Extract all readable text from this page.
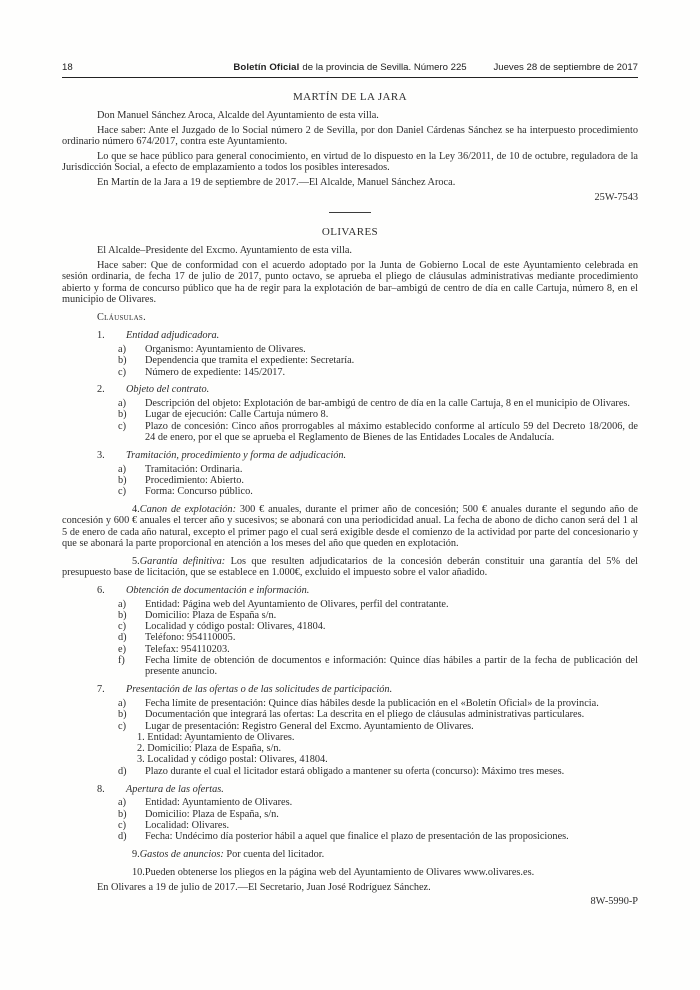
18	Boletín Oficial de la provincia de Sevilla. Número 225	Jueves 28 de septiembre de 2017
MARTÍN DE LA JARA

Don Manuel Sánchez Aroca, Alcalde del Ayuntamiento de esta villa.

Hace saber: Ante el Juzgado de lo Social número 2 de Sevilla, por don Daniel Cárdenas Sánchez se ha interpuesto procedimiento ordinario número 674/2017, contra este Ayuntamiento.

Lo que se hace público para general conocimiento, en virtud de lo dispuesto en la Ley 36/2011, de 10 de octubre, reguladora de la Jurisdicción Social, a efecto de emplazamiento a todos los posibles interesados.

En Martín de la Jara a 19 de septiembre de 2017.—El Alcalde, Manuel Sánchez Aroca.

25W-7543

OLIVARES

El Alcalde–Presidente del Excmo. Ayuntamiento de esta villa.

Hace saber: Que de conformidad con el acuerdo adoptado por la Junta de Gobierno Local de este Ayuntamiento celebrada en sesión ordinaria, de fecha 17 de julio de 2017, punto octavo, se aprueba el pliego de cláusulas administrativas mediante procedimiento abierto y forma de concurso público que ha de regir para la explotación de bar–ambigú de centro de día en calle Cartuja, número 8, en el municipio de Olivares.

Cláusulas.

1. Entidad adjudicadora.

a) Organismo: Ayuntamiento de Olivares.

b) Dependencia que tramita el expediente: Secretaría.

c) Número de expediente: 145/2017.

2. Objeto del contrato.

a) Descripción del objeto: Explotación de bar-ambigú de centro de día en la calle Cartuja, 8 en el municipio de Olivares.

b) Lugar de ejecución: Calle Cartuja número 8.

c) Plazo de concesión: Cinco años prorrogables al máximo establecido conforme al artículo 59 del Decreto 18/2006, de 24 de enero, por el que se aprueba el Reglamento de Bienes de las Entidades Locales de Andalucía.

3. Tramitación, procedimiento y forma de adjudicación.

a) Tramitación: Ordinaria.

b) Procedimiento: Abierto.

c) Forma: Concurso público.

4.Canon de explotación: 300 € anuales, durante el primer año de concesión; 500 € anuales durante el segundo año de concesión y 600 € anuales el tercer año y sucesivos; se abonará con una periodicidad anual. La fecha de abono de dicho canon será del 1 al 5 de enero de cada año natural, excepto el primer pago el cual será exigible desde el comienzo de la actividad por parte del concesionario y que se abonará la parte proporcional en atención a los meses del año que queden en explotación.

5.Garantía definitiva: Los que resulten adjudicatarios de la concesión deberán constituir una garantía del 5% del presupuesto base de licitación, que se establece en 1.000€, excluido el impuesto sobre el valor añadido.

6. Obtención de documentación e información.

a) Entidad: Página web del Ayuntamiento de Olivares, perfil del contratante.

b) Domicilio: Plaza de España s/n.

c) Localidad y código postal: Olivares, 41804.

d) Teléfono: 954110005.

e) Telefax: 954110203.

f) Fecha límite de obtención de documentos e información: Quince días hábiles a partir de la fecha de publicación del presente anuncio.

7. Presentación de las ofertas o de las solicitudes de participación.

a) Fecha límite de presentación: Quince días hábiles desde la publicación en el «Boletín Oficial» de la provincia.

b) Documentación que integrará las ofertas: La descrita en el pliego de cláusulas administrativas particulares.

c) Lugar de presentación: Registro General del Excmo. Ayuntamiento de Olivares.

1. Entidad: Ayuntamiento de Olivares.

2. Domicilio: Plaza de España, s/n.

3. Localidad y código postal: Olivares, 41804.

d) Plazo durante el cual el licitador estará obligado a mantener su oferta (concurso): Máximo tres meses.

8. Apertura de las ofertas.

a) Entidad: Ayuntamiento de Olivares.

b) Domicilio: Plaza de España, s/n.

c) Localidad: Olivares.

d) Fecha: Undécimo día posterior hábil a aquel que finalice el plazo de presentación de las proposiciones.

9.Gastos de anuncios: Por cuenta del licitador.

10.Pueden obtenerse los pliegos en la página web del Ayuntamiento de Olivares www.olivares.es.

En Olivares a 19 de julio de 2017.—El Secretario, Juan José Rodríguez Sánchez.

8W-5990-P
